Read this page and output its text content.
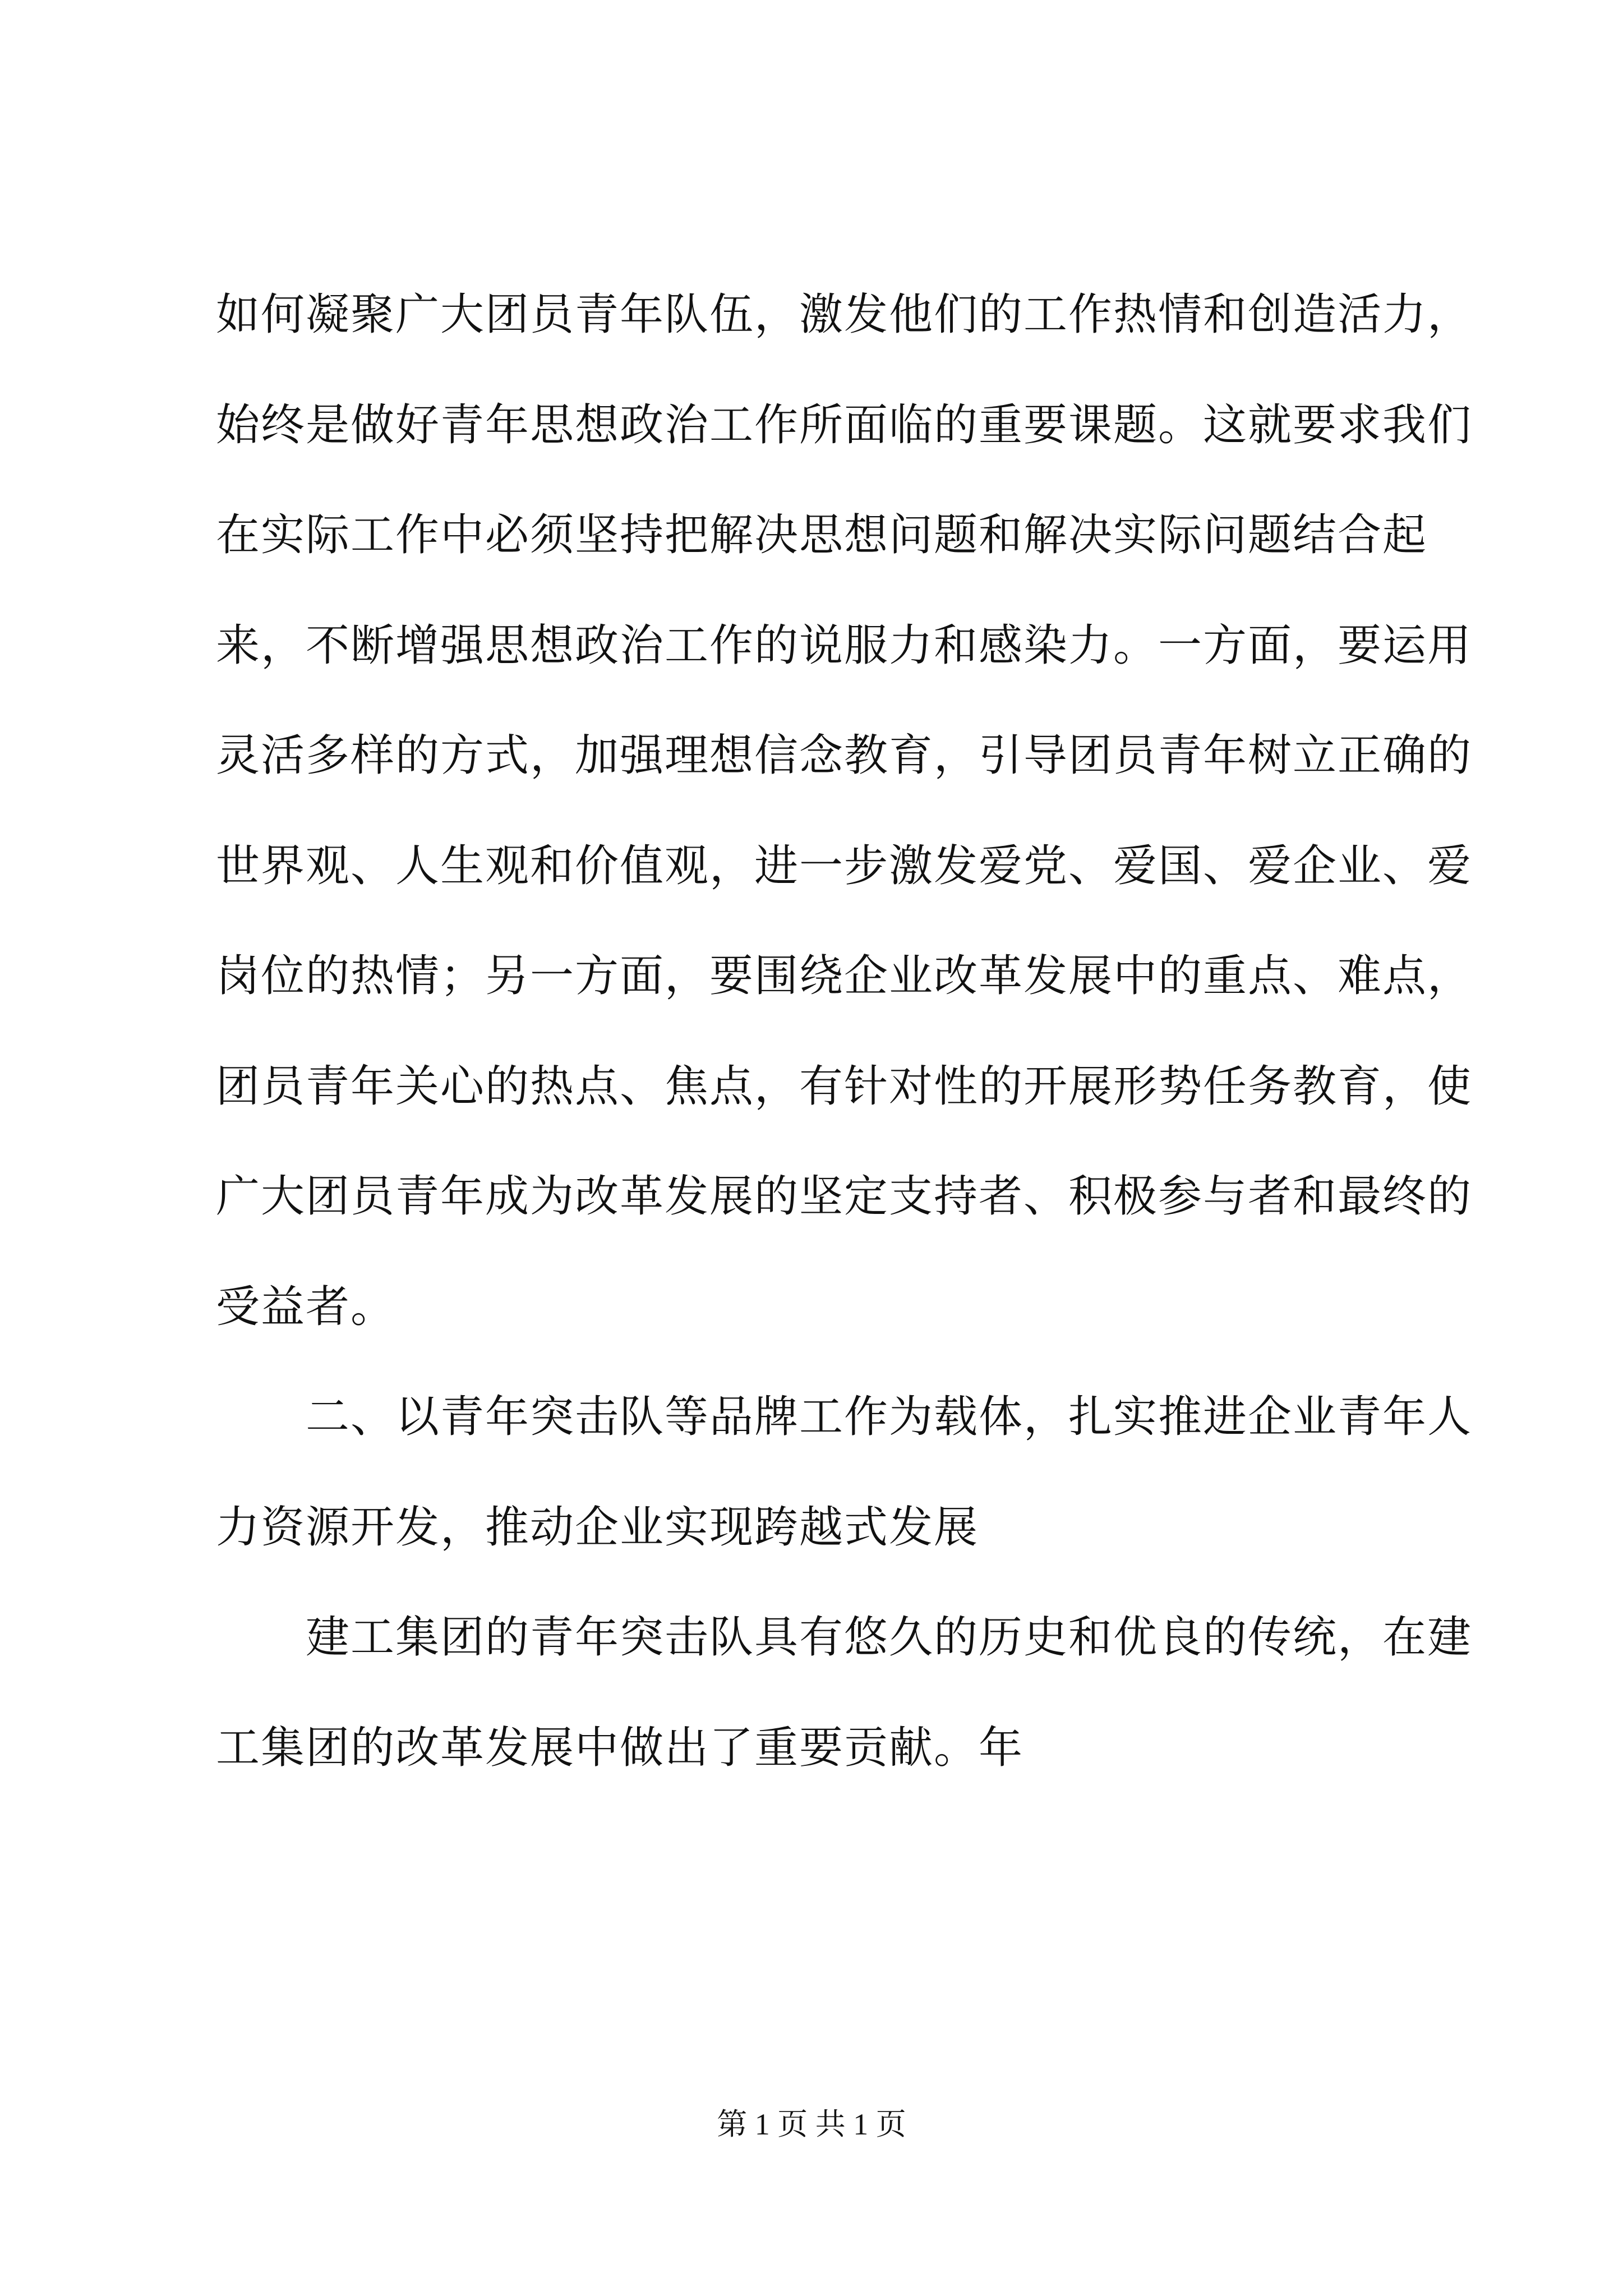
如何凝聚广大团员青年队伍，激发他们的工作热情和创造活力，
始终是做好青年思想政治工作所面临的重要课题。这就要求我们
在实际工作中必须坚持把解决思想问题和解决实际问题结合起
来，不断增强思想政治工作的说服力和感染力。一方面，要运用
灵活多样的方式，加强理想信念教育，引导团员青年树立正确的
世界观、人生观和价值观，进一步激发爱党、爱国、爱企业、爱
岗位的热情；另一方面，要围绕企业改革发展中的重点、难点，
团员青年关心的热点、焦点，有针对性的开展形势任务教育，使
广大团员青年成为改革发展的坚定支持者、积极参与者和最终的
受益者。
　　二、以青年突击队等品牌工作为载体，扎实推进企业青年人
力资源开发，推动企业实现跨越式发展
　　建工集团的青年突击队具有悠久的历史和优良的传统，在建
工集团的改革发展中做出了重要贡献。年
第 1 页 共 1 页
